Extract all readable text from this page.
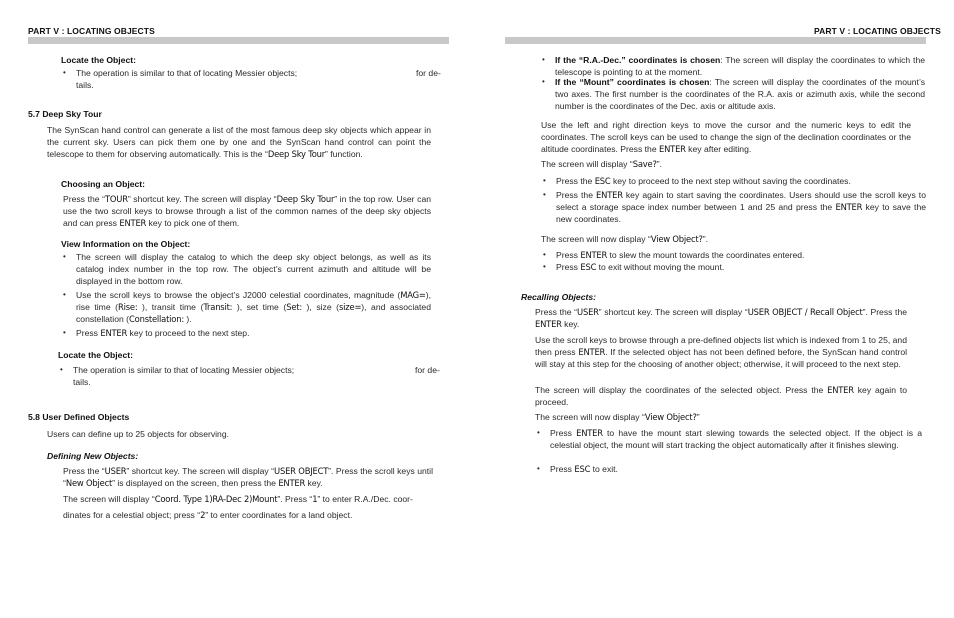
PART V : LOCATING OBJECTS
Locate the Object:
• The operation is similar to that of locating Messier objects;	for de-

tails.
5.7 Deep Sky Tour
The SynScan hand control can generate a list of the most famous deep sky objects which appear in the current sky. Users can pick them one by one and the SynScan hand control can point the telescope to them for observing automatically. This is the “Deep Sky Tour” function.
Choosing an Object:
Press the “TOUR” shortcut key. The screen will display “Deep Sky Tour” in the top row. User can use the two scroll keys to browse through a list of the common names of the deep sky objects and can press ENTER key to pick one of them.
View Information on the Object:
• The screen will display the catalog to which the deep sky object belongs, as well as its catalog index number in the top row. The object’s current azimuth and altitude will be displayed in the bottom row.
• Use the scroll keys to browse the object’s J2000 celestial coordinates, magnitude (MAG=), rise time (Rise: ), transit time (Transit: ), set time (Set: ), size (size=), and associated constellation (Constellation: ).
• Press ENTER key to proceed to the next step.
Locate the Object:
• The operation is similar to that of locating Messier objects;	for de-

tails.
5.8 User Defined Objects
Users can define up to 25 objects for observing.
Defining New Objects:
Press the “USER” shortcut key. The screen will display “USER OBJECT”. Press the scroll keys until “New Object” is displayed on the screen, then press the ENTER key.
The screen will display “Coord. Type 1)RA-Dec 2)Mount”. Press “1” to enter R.A./Dec. coor-
dinates for a celestial object; press “2” to enter coordinates for a land object.
PART V : LOCATING OBJECTS
• If the “R.A.-Dec.” coordinates is chosen: The screen will display the coordinates to which the telescope is pointing to at the moment.
• If the “Mount” coordinates is chosen: The screen will display the coordinates of the mount’s two axes. The first number is the coordinates of the R.A. axis or azimuth axis, while the second number is the coordinates of the Dec. axis or altitude axis.
Use the left and right direction keys to move the cursor and the numeric keys to edit the coordinates. The scroll keys can be used to change the sign of the declination coordinates or the altitude coordinates. Press the ENTER key after editing.
The screen will display “Save?”.
• Press the ESC key to proceed to the next step without saving the coordinates.
• Press the ENTER key again to start saving the coordinates. Users should use the scroll keys to select a storage space index number between 1 and 25 and press the ENTER key to save the new coordinates.
The screen will now display “View Object?”.
• Press ENTER to slew the mount towards the coordinates entered.
• Press ESC to exit without moving the mount.
Recalling Objects:
Press the “USER” shortcut key. The screen will display “USER OBJECT / Recall Object”. Press the ENTER key.
Use the scroll keys to browse through a pre-defined objects list which is indexed from 1 to 25, and then press ENTER. If the selected object has not been defined before, the SynScan hand control will stay at this step for the choosing of another object; otherwise, it will proceed to the next step.
The screen will display the coordinates of the selected object. Press the ENTER key again to proceed.
The screen will now display “View Object?”
• Press ENTER to have the mount start slewing towards the selected object. If the object is a celestial object, the mount will start tracking the object automatically after it finishes slewing.
• Press ESC to exit.
